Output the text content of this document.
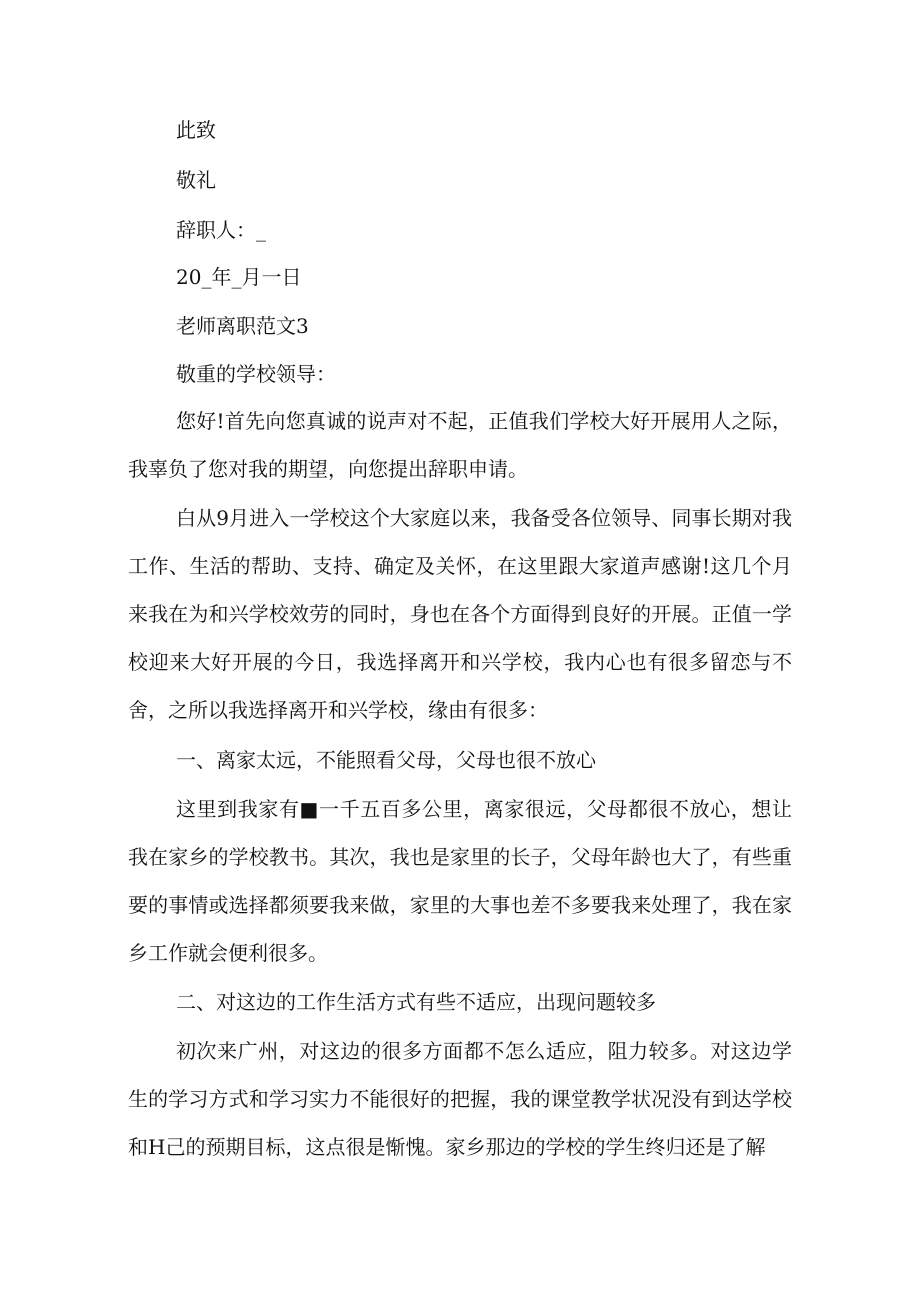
此致

敬礼

辞职人：_

20_年_月一日

老师离职范文3

敬重的学校领导：

您好!首先向您真诚的说声对不起，正值我们学校大好开展用人之际，我辜负了您对我的期望，向您提出辞职申请。

白从9月进入一学校这个大家庭以来，我备受各位领导、同事长期对我工作、生活的帮助、支持、确定及关怀，在这里跟大家道声感谢!这几个月来我在为和兴学校效劳的同时，身也在各个方面得到良好的开展。正值一学校迎来大好开展的今日，我选择离开和兴学校，我内心也有很多留恋与不舍，之所以我选择离开和兴学校，缘由有很多：

一、离家太远，不能照看父母，父母也很不放心

这里到我家有■一千五百多公里，离家很远，父母都很不放心，想让我在家乡的学校教书。其次，我也是家里的长子，父母年龄也大了，有些重要的事情或选择都须要我来做，家里的大事也差不多要我来处理了，我在家乡工作就会便利很多。

二、对这边的工作生活方式有些不适应，出现问题较多

初次来广州，对这边的很多方面都不怎么适应，阻力较多。对这边学生的学习方式和学习实力不能很好的把握，我的课堂教学状况没有到达学校和H己的预期目标，这点很是惭愧。家乡那边的学校的学生终归还是了解
